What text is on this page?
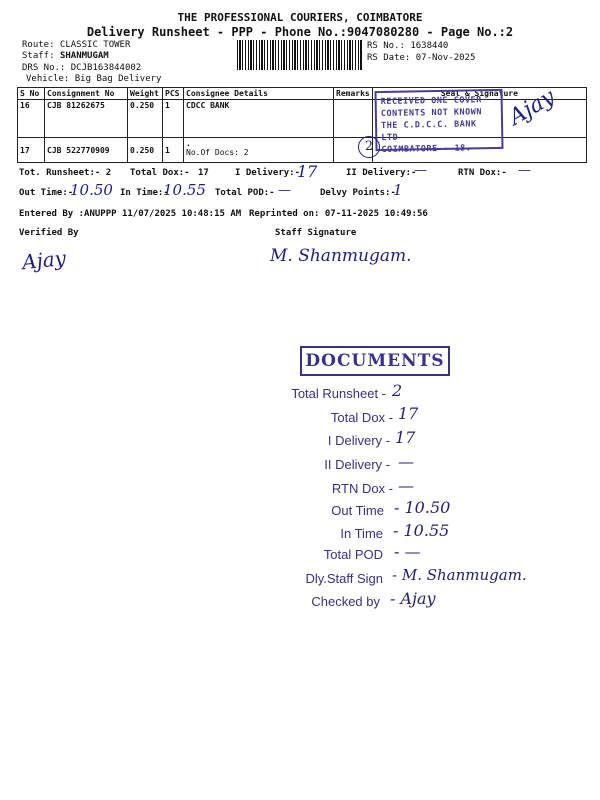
THE PROFESSIONAL COURIERS, COIMBATORE
Delivery Runsheet - PPP - Phone No.:9047080280 - Page No.:2
Route: CLASSIC TOWER
Staff: SHANMUGAM
DRS No.: DCJB163844002
Vehicle: Big Bag Delivery
RS No.: 1638440
RS Date: 07-Nov-2025
S No	Consignment No	Weight	PCS	Consignee Details	Remarks	Seal & Signature
16	CJB 81262675	0.250	1	CDCC BANK		
17	CJB 522770909	0.250	1	.
No.Of Docs: 2		

RECEIVED ONE COVER
CONTENTS NOT KNOWN
THE C.D.C.C. BANK LTD
COIMBATORE - 18.
Ajay
2
Tot. Runsheet:- 2 Total Dox:- 17	I Delivery:-
17	II Delivery:-
—	RTN Dox:- —
Out Time:-
10.50 In Time:-
10.55 Total POD:- —	Delvy Points:-
1
Entered By :ANUPPP 11/07/2025 10:48:15 AM Reprinted on: 07-11-2025 10:49:56
Verified By	Staff Signature
Ajay	M. Shanmugam.
DOCUMENTS
Total Runsheet - 2
Total Dox - 17
I Delivery - 17
II Delivery - —
RTN Dox - —
Out Time - 10.50
In Time - 10.55
Total POD - —
Dly.Staff Sign - M. Shanmugam.
Checked by - Ajay
